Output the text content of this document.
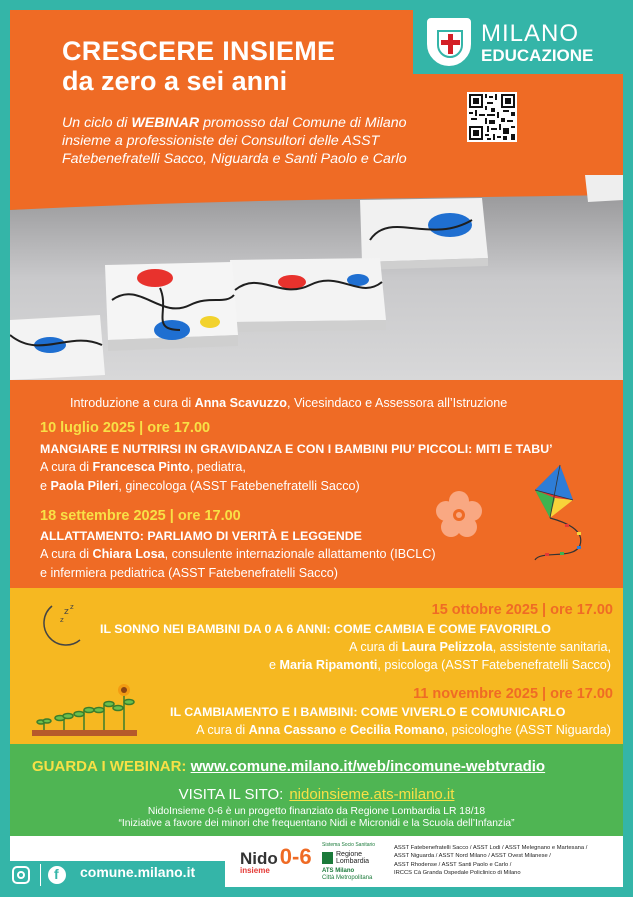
CRESCERE INSIEME
da zero a sei anni
Un ciclo di WEBINAR promosso dal Comune di Milano insieme a professioniste dei Consultori delle ASST Fatebenefratelli Sacco, Niguarda e Santi Paolo e Carlo
MILANO
EDUCAZIONE
Introduzione a cura di Anna Scavuzzo, Vicesindaco e Assessora all’Istruzione
10 luglio 2025 | ore 17.00
MANGIARE E NUTRIRSI IN GRAVIDANZA E CON I BAMBINI PIU’ PICCOLI: MITI E TABU’
A cura di Francesca Pinto, pediatra,
e Paola Pileri, ginecologa (ASST Fatebenefratelli Sacco)
18 settembre 2025 | ore 17.00
ALLATTAMENTO: PARLIAMO DI VERITÀ E LEGGENDE
A cura di Chiara Losa, consulente internazionale allattamento (IBCLC)
e infermiera pediatrica (ASST Fatebenefratelli Sacco)
15 ottobre 2025 | ore 17.00
IL SONNO NEI BAMBINI DA 0 A 6 ANNI: COME CAMBIA E COME FAVORIRLO
A cura di Laura Pelizzola, assistente sanitaria,
e Maria Ripamonti, psicologa (ASST Fatebenefratelli Sacco)
11 novembre 2025 | ore 17.00
IL CAMBIAMENTO E I BAMBINI: COME VIVERLO E COMUNICARLO
A cura di Anna Cassano e Cecilia Romano, psicologhe (ASST Niguarda)
z z
z
GUARDA I WEBINAR: www.comune.milano.it/web/incomune-webtvradio
VISITA IL SITO: nidoinsieme.ats-milano.it
NidoInsieme 0-6 è un progetto finanziato da Regione Lombardia LR 18/18
“Iniziative a favore dei minori che frequentano Nidi e Micronidi e la Scuola dell’Infanzia”
Nido0-6
insieme
Sistema Socio Sanitario
Regione Lombardia
ATS Milano
Città Metropolitana
ASST Fatebenefratelli Sacco / ASST Lodi / ASST Melegnano e Martesana /
ASST Niguarda / ASST Nord Milano / ASST Ovest Milanese /
ASST Rhodense / ASST Santi Paolo e Carlo /
IRCCS Cà Granda Ospedale Policlinico di Milano
f comune.milano.it
